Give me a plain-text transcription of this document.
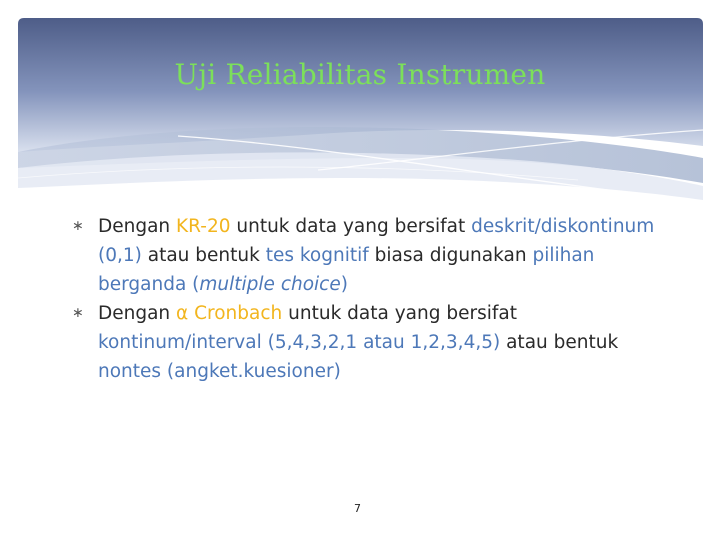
Uji Reliabilitas Instrumen
∗ Dengan KR-20 untuk data yang bersifat deskrit/diskontinum (0,1) atau bentuk tes kognitif biasa digunakan pilihan berganda (multiple choice)
∗ Dengan α Cronbach untuk data yang bersifat kontinum/interval (5,4,3,2,1 atau 1,2,3,4,5) atau bentuk nontes (angket.kuesioner)
7
